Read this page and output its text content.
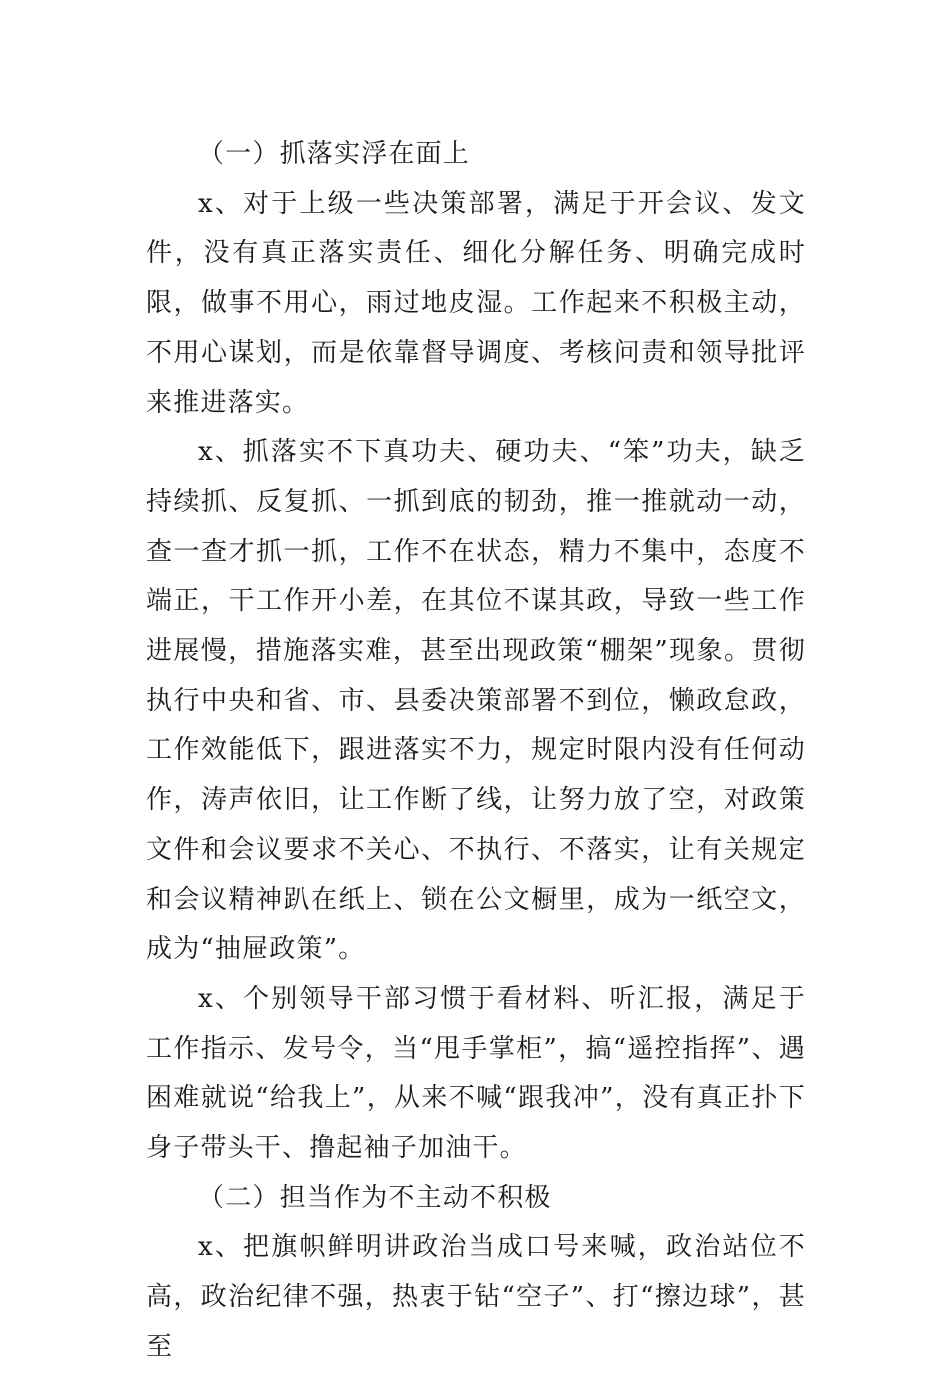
（一）抓落实浮在面上

x、对于上级一些决策部署，满足于开会议、发文件，没有真正落实责任、细化分解任务、明确完成时限，做事不用心，雨过地皮湿。工作起来不积极主动，不用心谋划，而是依靠督导调度、考核问责和领导批评来推进落实。

x、抓落实不下真功夫、硬功夫、“笨”功夫，缺乏持续抓、反复抓、一抓到底的韧劲，推一推就动一动，查一查才抓一抓，工作不在状态，精力不集中，态度不端正，干工作开小差，在其位不谋其政，导致一些工作进展慢，措施落实难，甚至出现政策“棚架”现象。贯彻执行中央和省、市、县委决策部署不到位，懒政怠政，工作效能低下，跟进落实不力，规定时限内没有任何动作，涛声依旧，让工作断了线，让努力放了空，对政策文件和会议要求不关心、不执行、不落实，让有关规定和会议精神趴在纸上、锁在公文橱里，成为一纸空文，成为“抽屉政策”。

x、个别领导干部习惯于看材料、听汇报，满足于工作指示、发号令，当“甩手掌柜”，搞“遥控指挥”、遇困难就说“给我上”，从来不喊“跟我冲”，没有真正扑下身子带头干、撸起袖子加油干。

（二）担当作为不主动不积极

x、把旗帜鲜明讲政治当成口号来喊，政治站位不高，政治纪律不强，热衷于钻“空子”、打“擦边球”，甚至
